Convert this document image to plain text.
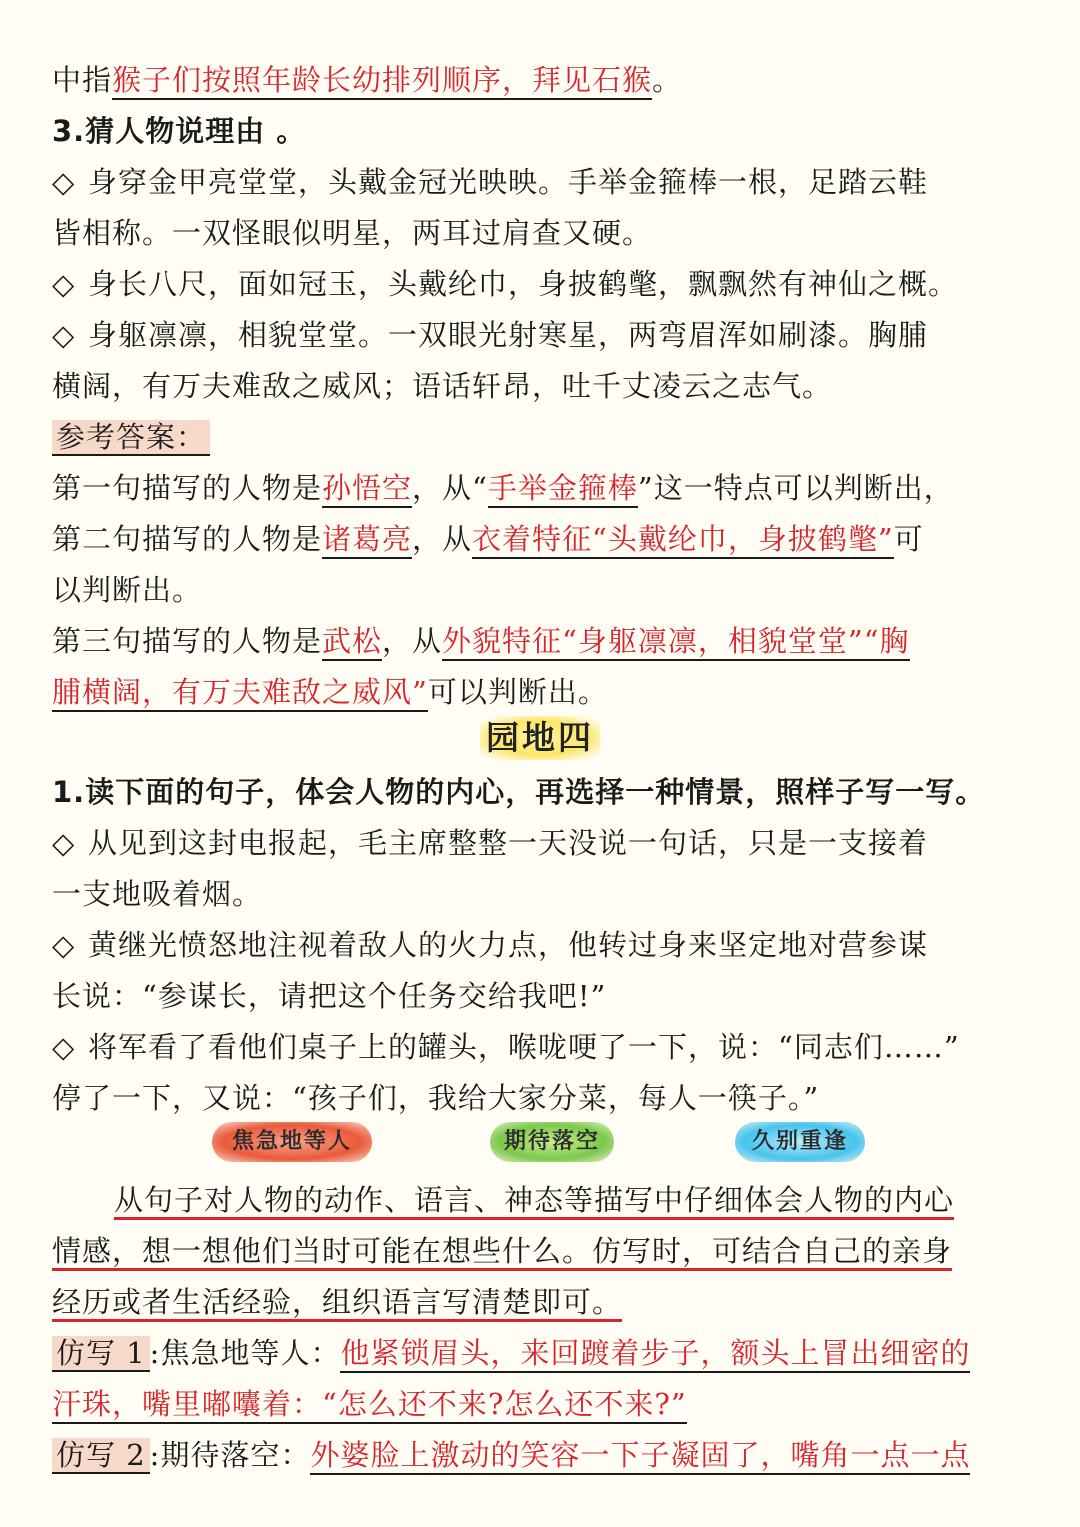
中指猴子们按照年龄长幼排列顺序，拜见石猴。
3.猜人物说理由 。
◇ 身穿金甲亮堂堂，头戴金冠光映映。手举金箍棒一根，足踏云鞋
皆相称。一双怪眼似明星，两耳过肩查又硬。
◇ 身长八尺，面如冠玉，头戴纶巾，身披鹤氅，飘飘然有神仙之概。
◇ 身躯凛凛，相貌堂堂。一双眼光射寒星，两弯眉浑如刷漆。胸脯
横阔，有万夫难敌之威风；语话轩昂，吐千丈凌云之志气。
参考答案：
第一句描写的人物是孙悟空，从“手举金箍棒”这一特点可以判断出，
第二句描写的人物是诸葛亮，从衣着特征“头戴纶巾，身披鹤氅”可
以判断出。
第三句描写的人物是武松，从外貌特征“身躯凛凛，相貌堂堂”“胸
脯横阔，有万夫难敌之威风”可以判断出。
园地四
1.读下面的句子，体会人物的内心，再选择一种情景，照样子写一写。
◇ 从见到这封电报起，毛主席整整一天没说一句话，只是一支接着
一支地吸着烟。
◇ 黄继光愤怒地注视着敌人的火力点，他转过身来坚定地对营参谋
长说：“参谋长，请把这个任务交给我吧!”
◇ 将军看了看他们桌子上的罐头，喉咙哽了一下，说：“同志们……”
停了一下，又说：“孩子们，我给大家分菜，每人一筷子。”
焦急地等人	期待落空	久别重逢
从句子对人物的动作、语言、神态等描写中仔细体会人物的内心
情感，想一想他们当时可能在想些什么。仿写时，可结合自己的亲身
经历或者生活经验，组织语言写清楚即可。
仿写 1 :焦急地等人：他紧锁眉头，来回踱着步子，额头上冒出细密的
汗珠，嘴里嘟囔着：“怎么还不来?怎么还不来?”
仿写 2 :期待落空：外婆脸上激动的笑容一下子凝固了，嘴角一点一点
